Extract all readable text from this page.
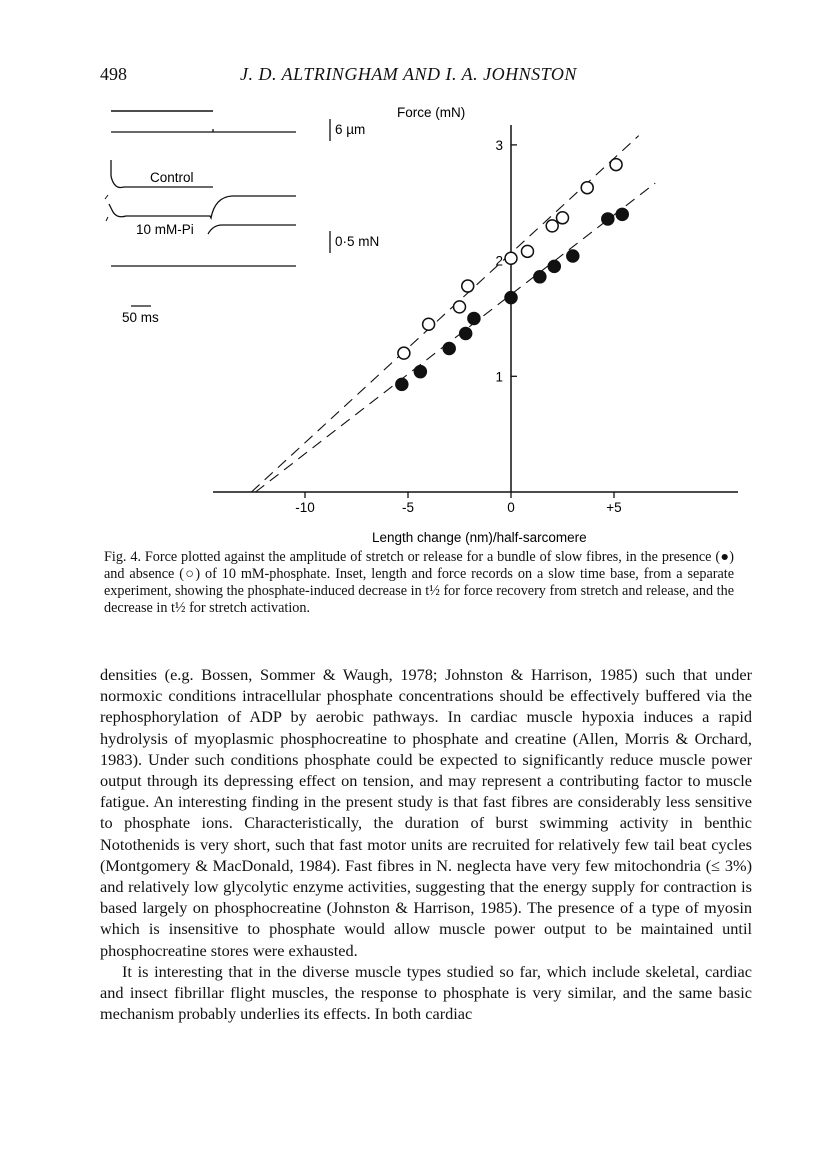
498	J. D. ALTRINGHAM AND I. A. JOHNSTON
6 µm
Control
10 mM-Pi
0·5 mN
50 ms
-10	-5	0	+5
1
2
3
Force (mN)
Length change (nm)/half-sarcomere
Fig. 4. Force plotted against the amplitude of stretch or release for a bundle of slow fibres, in the presence (●) and absence (○) of 10 mM-phosphate. Inset, length and force records on a slow time base, from a separate experiment, showing the phosphate-induced decrease in t½ for force recovery from stretch and release, and the decrease in t½ for stretch activation.

densities (e.g. Bossen, Sommer & Waugh, 1978; Johnston & Harrison, 1985) such that under normoxic conditions intracellular phosphate concentrations should be effectively buffered via the rephosphorylation of ADP by aerobic pathways. In cardiac muscle hypoxia induces a rapid hydrolysis of myoplasmic phosphocreatine to phosphate and creatine (Allen, Morris & Orchard, 1983). Under such conditions phosphate could be expected to significantly reduce muscle power output through its depressing effect on tension, and may represent a contributing factor to muscle fatigue. An interesting finding in the present study is that fast fibres are considerably less sensitive to phosphate ions. Characteristically, the duration of burst swimming activity in benthic Notothenids is very short, such that fast motor units are recruited for relatively few tail beat cycles (Montgomery & MacDonald, 1984). Fast fibres in N. neglecta have very few mitochondria (≤ 3%) and relatively low glycolytic enzyme activities, suggesting that the energy supply for contraction is based largely on phosphocreatine (Johnston & Harrison, 1985). The presence of a type of myosin which is insensitive to phosphate would allow muscle power output to be maintained until phosphocreatine stores were exhausted.

It is interesting that in the diverse muscle types studied so far, which include skeletal, cardiac and insect fibrillar flight muscles, the response to phosphate is very similar, and the same basic mechanism probably underlies its effects. In both cardiac
